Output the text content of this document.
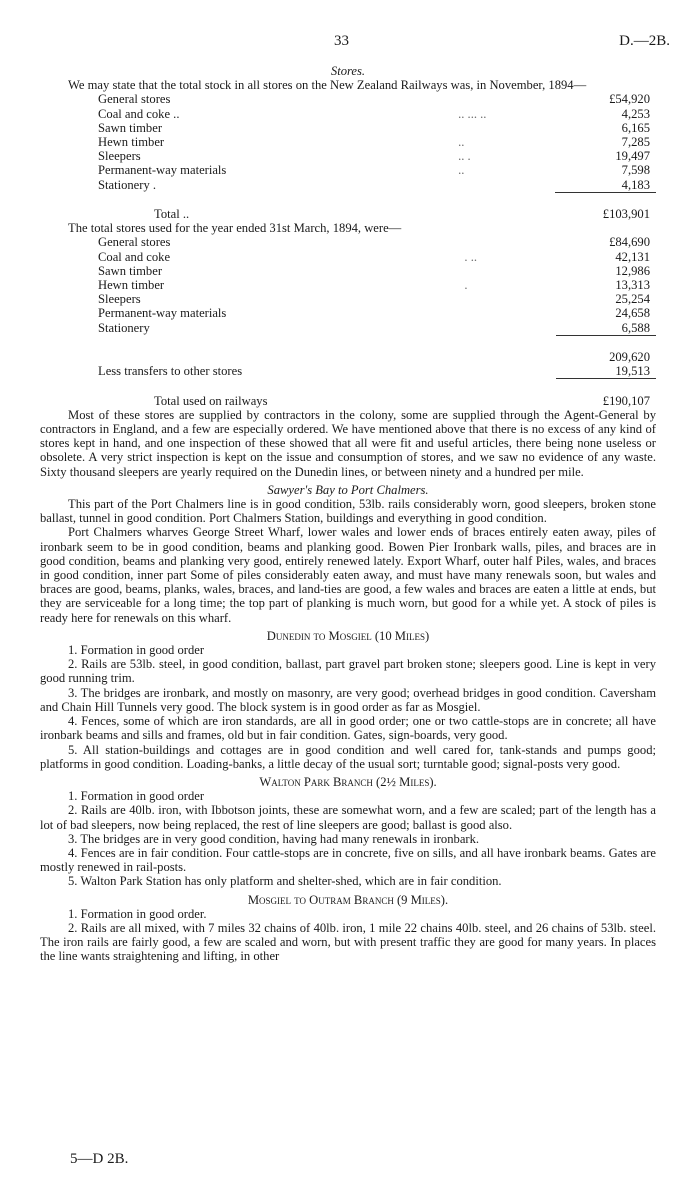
33	D.—2B.
Stores.

We may state that the total stock in all stores on the New Zealand Railways was, in November, 1894—

General stores		£54,920
Coal and coke ..	.. ... ..	4,253
Sawn timber		6,165
Hewn timber	..	7,285
Sleepers	.. .	19,497
Permanent-way materials	..	7,598
Stationery .		4,183

Total ..		£103,901

The total stores used for the year ended 31st March, 1894, were—

General stores		£84,690
Coal and coke	. ..	42,131
Sawn timber		12,986
Hewn timber	.	13,313
Sleepers		25,254
Permanent-way materials		24,658
Stationery		6,588

		209,620
Less transfers to other stores		19,513

Total used on railways		£190,107

Most of these stores are supplied by contractors in the colony, some are supplied through the Agent-General by contractors in England, and a few are especially ordered. We have mentioned above that there is no excess of any kind of stores kept in hand, and one inspection of these showed that all were fit and useful articles, there being none useless or obsolete. A very strict inspection is kept on the issue and consumption of stores, and we saw no evidence of any waste. Sixty thousand sleepers are yearly required on the Dunedin lines, or between ninety and a hundred per mile.

Sawyer's Bay to Port Chalmers.

This part of the Port Chalmers line is in good condition, 53lb. rails considerably worn, good sleepers, broken stone ballast, tunnel in good condition. Port Chalmers Station, buildings and everything in good condition.

Port Chalmers wharves George Street Wharf, lower wales and lower ends of braces entirely eaten away, piles of ironbark seem to be in good condition, beams and planking good. Bowen Pier Ironbark walls, piles, and braces are in good condition, beams and planking very good, entirely renewed lately. Export Wharf, outer half Piles, wales, and braces in good condition, inner part Some of piles considerably eaten away, and must have many renewals soon, but wales and braces are good, beams, planks, wales, braces, and land-ties are good, a few wales and braces are eaten a little at ends, but they are serviceable for a long time; the top part of planking is much worn, but good for a while yet. A stock of piles is ready here for renewals on this wharf.

Dunedin to Mosgiel (10 Miles)

1. Formation in good order

2. Rails are 53lb. steel, in good condition, ballast, part gravel part broken stone; sleepers good. Line is kept in very good running trim.

3. The bridges are ironbark, and mostly on masonry, are very good; overhead bridges in good condition. Caversham and Chain Hill Tunnels very good. The block system is in good order as far as Mosgiel.

4. Fences, some of which are iron standards, are all in good order; one or two cattle-stops are in concrete; all have ironbark beams and sills and frames, old but in fair condition. Gates, sign-boards, very good.

5. All station-buildings and cottages are in good condition and well cared for, tank-stands and pumps good; platforms in good condition. Loading-banks, a little decay of the usual sort; turntable good; signal-posts very good.

Walton Park Branch (2½ Miles).

1. Formation in good order

2. Rails are 40lb. iron, with Ibbotson joints, these are somewhat worn, and a few are scaled; part of the length has a lot of bad sleepers, now being replaced, the rest of line sleepers are good; ballast is good also.

3. The bridges are in very good condition, having had many renewals in ironbark.

4. Fences are in fair condition. Four cattle-stops are in concrete, five on sills, and all have ironbark beams. Gates are mostly renewed in rail-posts.

5. Walton Park Station has only platform and shelter-shed, which are in fair condition.

Mosgiel to Outram Branch (9 Miles).

1. Formation in good order.

2. Rails are all mixed, with 7 miles 32 chains of 40lb. iron, 1 mile 22 chains 40lb. steel, and 26 chains of 53lb. steel. The iron rails are fairly good, a few are scaled and worn, but with present traffic they are good for many years. In places the line wants straightening and lifting, in other

5—D 2B.
